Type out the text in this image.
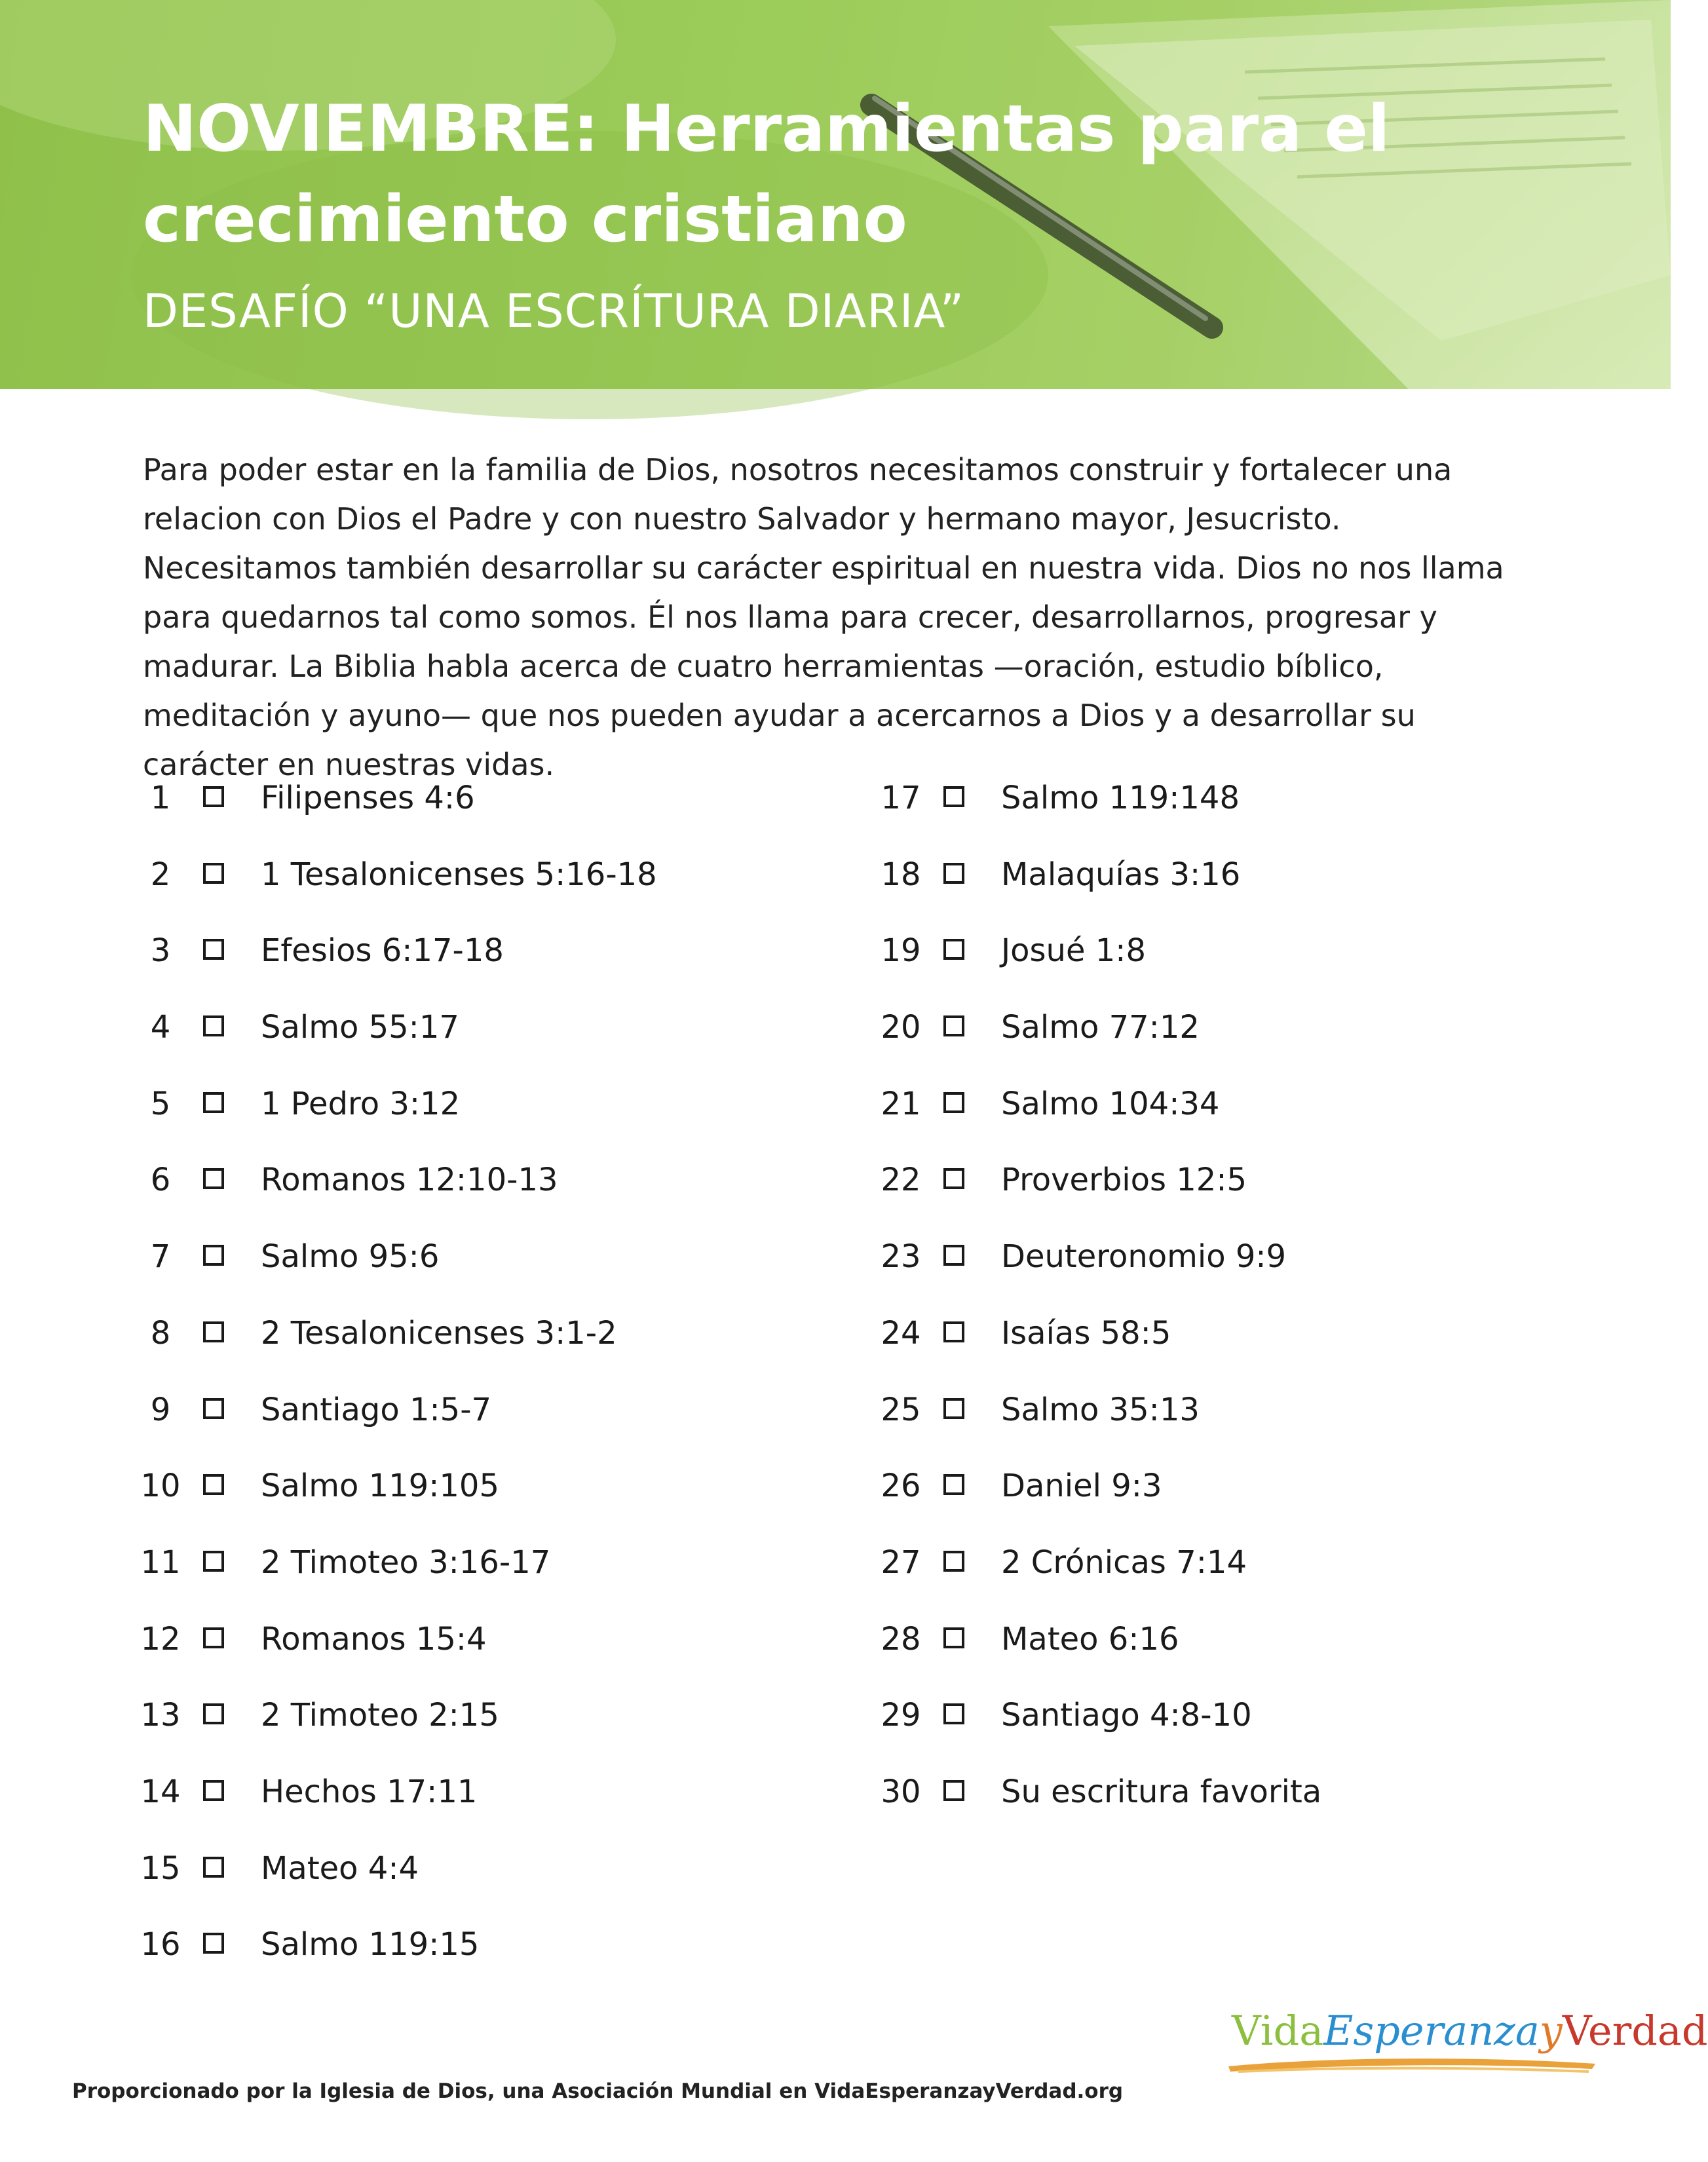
NOVIEMBRE: Herramientas para el crecimiento cristiano
DESAFÍO “UNA ESCRÍTURA DIARIA”

Para poder estar en la familia de Dios, nosotros necesitamos construir y fortalecer una relacion con Dios el Padre y con nuestro Salvador y hermano mayor, Jesucristo. Necesitamos también desarrollar su carácter espiritual en nuestra vida. Dios no nos llama para quedarnos tal como somos. Él nos llama para crecer, desarrollarnos, progresar y madurar. La Biblia habla acerca de cuatro herramientas —oración, estudio bíblico, meditación y ayuno— que nos pueden ayudar a acercarnos a Dios y a desarrollar su carácter en nuestras vidas.

1	Filipenses 4:6
2	1 Tesalonicenses 5:16-18
3	Efesios 6:17-18
4	Salmo 55:17
5	1 Pedro 3:12
6	Romanos 12:10-13
7	Salmo 95:6
8	2 Tesalonicenses 3:1-2
9	Santiago 1:5-7
10	Salmo 119:105
11	2 Timoteo 3:16-17
12	Romanos 15:4
13	2 Timoteo 2:15
14	Hechos 17:11
15	Mateo 4:4
16	Salmo 119:15
17	Salmo 119:148
18	Malaquías 3:16
19	Josué 1:8
20	Salmo 77:12
21	Salmo 104:34
22	Proverbios 12:5
23	Deuteronomio 9:9
24	Isaías 58:5
25	Salmo 35:13
26	Daniel 9:3
27	2 Crónicas 7:14
28	Mateo 6:16
29	Santiago 4:8-10
30	Su escritura favorita

Proporcionado por la Iglesia de Dios, una Asociación Mundial en VidaEsperanzayVerdad.org

VidaEsperanzayVerdad
